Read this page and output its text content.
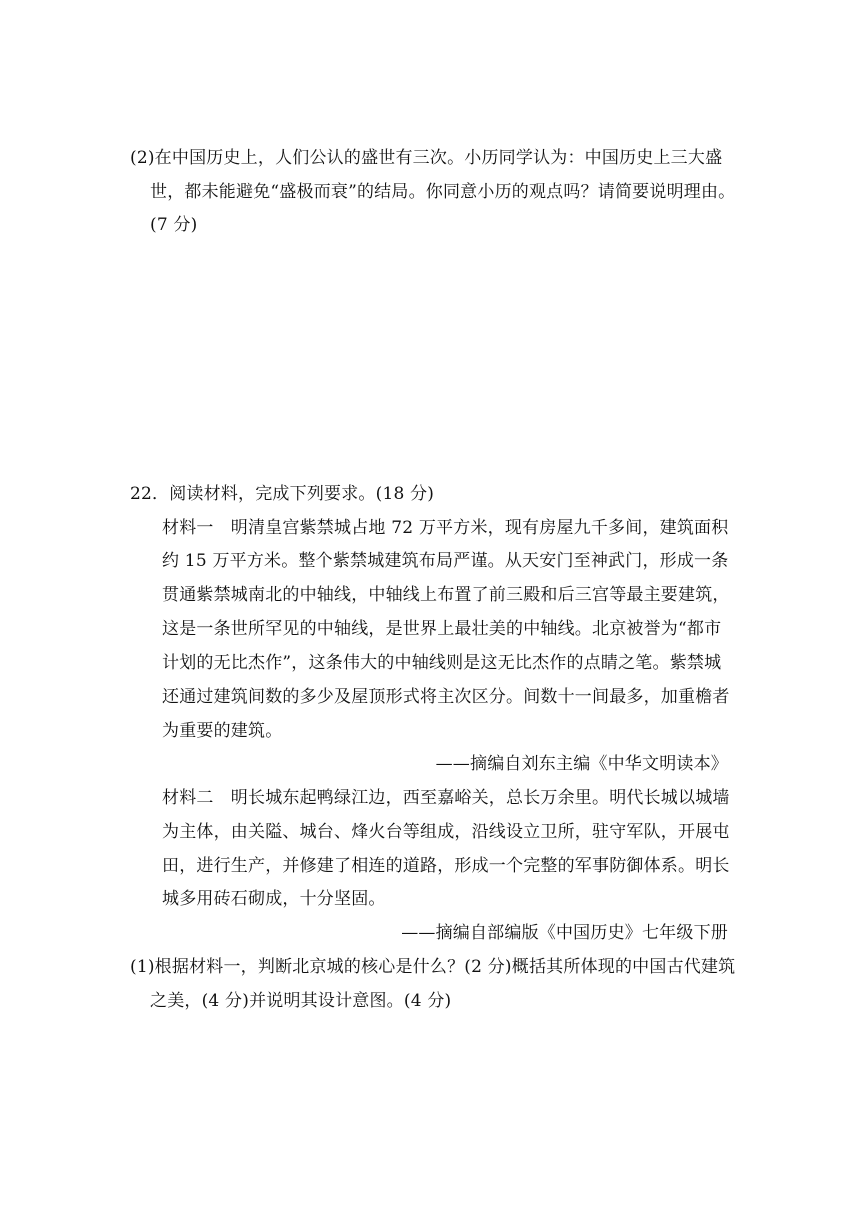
(2)在中国历史上，人们公认的盛世有三次。小历同学认为：中国历史上三大盛
世，都未能避免“盛极而衰”的结局。你同意小历的观点吗？请简要说明理由。
(7 分)
22．阅读材料，完成下列要求。(18 分)
材料一　明清皇宫紫禁城占地 72 万平方米，现有房屋九千多间，建筑面积
约 15 万平方米。整个紫禁城建筑布局严谨。从天安门至神武门，形成一条
贯通紫禁城南北的中轴线，中轴线上布置了前三殿和后三宫等最主要建筑，
这是一条世所罕见的中轴线，是世界上最壮美的中轴线。北京被誉为“都市
计划的无比杰作”，这条伟大的中轴线则是这无比杰作的点睛之笔。紫禁城
还通过建筑间数的多少及屋顶形式将主次区分。间数十一间最多，加重檐者
为重要的建筑。
——摘编自刘东主编《中华文明读本》
材料二　明长城东起鸭绿江边，西至嘉峪关，总长万余里。明代长城以城墙
为主体，由关隘、城台、烽火台等组成，沿线设立卫所，驻守军队，开展屯
田，进行生产，并修建了相连的道路，形成一个完整的军事防御体系。明长
城多用砖石砌成，十分坚固。
——摘编自部编版《中国历史》七年级下册
(1)根据材料一，判断北京城的核心是什么？(2 分)概括其所体现的中国古代建筑
之美，(4 分)并说明其设计意图。(4 分)
